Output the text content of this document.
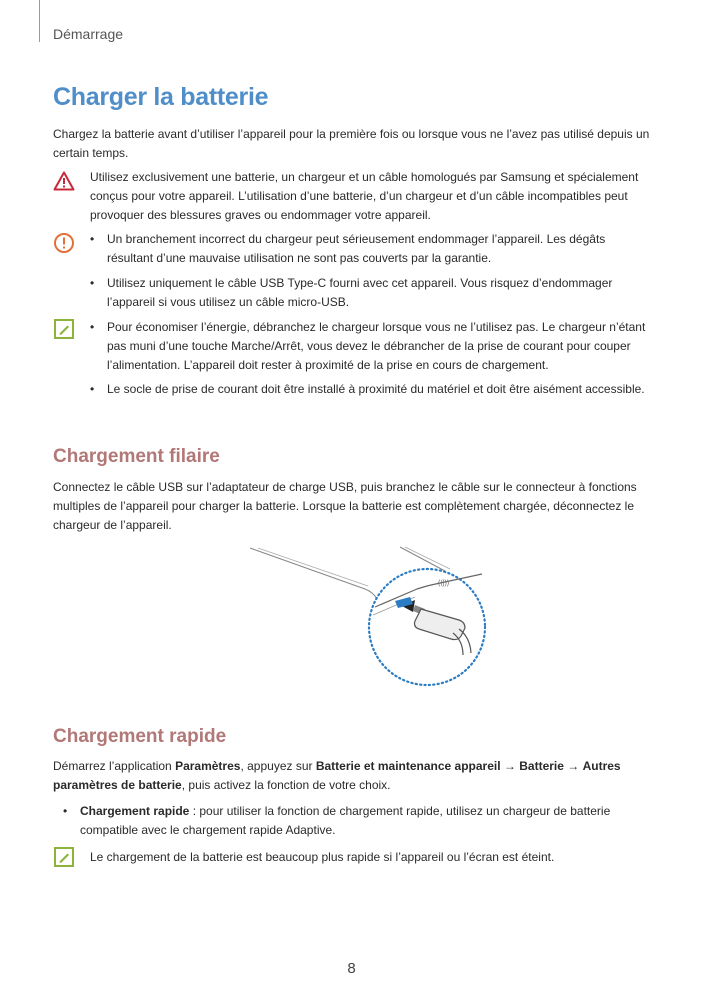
Démarrage
Charger la batterie

Chargez la batterie avant d’utiliser l’appareil pour la première fois ou lorsque vous ne l’avez pas utilisé depuis un certain temps.

Utilisez exclusivement une batterie, un chargeur et un câble homologués par Samsung et spécialement conçus pour votre appareil. L’utilisation d’une batterie, d’un chargeur et d’un câble incompatibles peut provoquer des blessures graves ou endommager votre appareil.

• Un branchement incorrect du chargeur peut sérieusement endommager l’appareil. Les dégâts résultant d’une mauvaise utilisation ne sont pas couverts par la garantie.

• Utilisez uniquement le câble USB Type-C fourni avec cet appareil. Vous risquez d’endommager l’appareil si vous utilisez un câble micro-USB.

• Pour économiser l’énergie, débranchez le chargeur lorsque vous ne l’utilisez pas. Le chargeur n’étant pas muni d’une touche Marche/Arrêt, vous devez le débrancher de la prise de courant pour couper l’alimentation. L’appareil doit rester à proximité de la prise en cours de chargement.

• Le socle de prise de courant doit être installé à proximité du matériel et doit être aisément accessible.

Chargement filaire

Connectez le câble USB sur l’adaptateur de charge USB, puis branchez le câble sur le connecteur à fonctions multiples de l’appareil pour charger la batterie. Lorsque la batterie est complètement chargée, déconnectez le chargeur de l’appareil.

((|))
Chargement rapide

Démarrez l’application Paramètres, appuyez sur Batterie et maintenance appareil → Batterie → Autres paramètres de batterie, puis activez la fonction de votre choix.

• Chargement rapide : pour utiliser la fonction de chargement rapide, utilisez un chargeur de batterie compatible avec le chargement rapide Adaptive.

Le chargement de la batterie est beaucoup plus rapide si l’appareil ou l’écran est éteint.

8
